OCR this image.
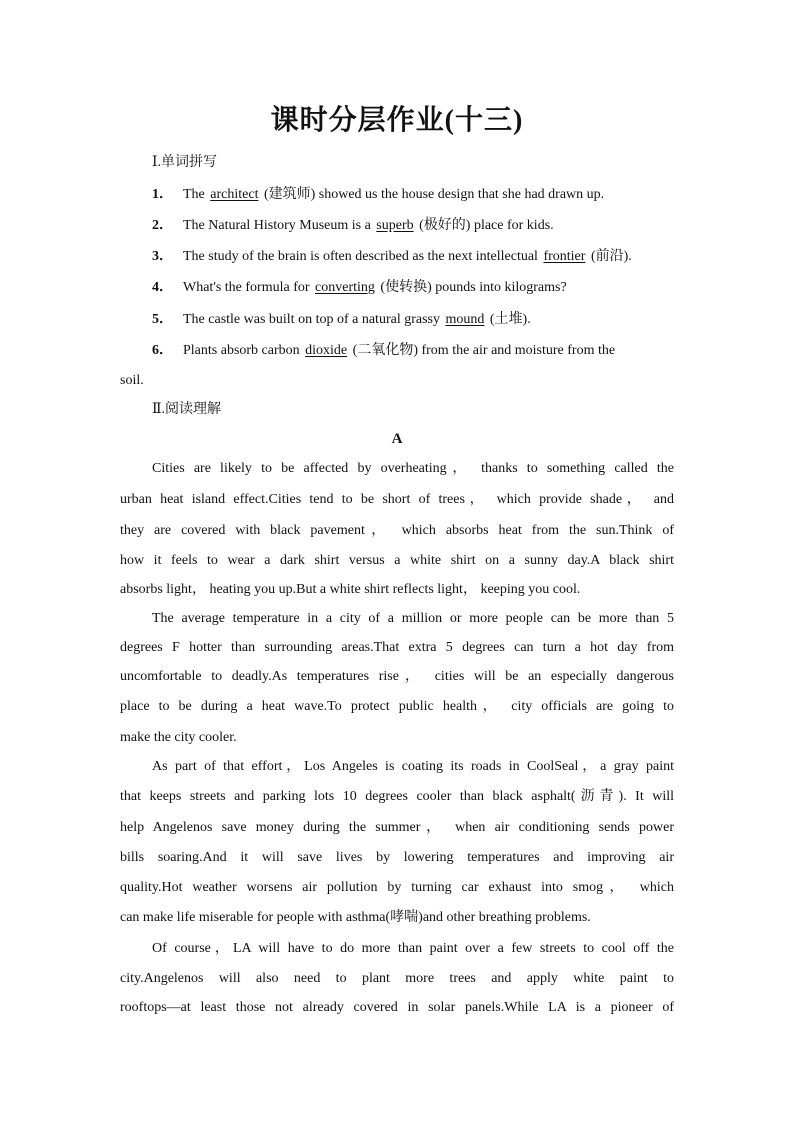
课时分层作业(十三)
Ⅰ.单词拼写
1． The architect (建筑师) showed us the house design that she had drawn up.
2． The Natural History Museum is a superb (极好的) place for kids.
3． The study of the brain is often described as the next intellectual frontier (前沿).
4． What's the formula for converting (使转换) pounds into kilograms?
5． The castle was built on top of a natural grassy mound (土堆).
6． Plants absorb carbon dioxide (二氧化物) from the air and moisture from the
soil.
Ⅱ.阅读理解
A
Cities are likely to be affected by overheating， thanks to something called the
urban heat island effect.Cities tend to be short of trees， which provide shade， and
they are covered with black pavement， which absorbs heat from the sun.Think of
how it feels to wear a dark shirt versus a white shirt on a sunny day.A black shirt
absorbs light， heating you up.But a white shirt reflects light， keeping you cool.
The average temperature in a city of a million or more people can be more than 5
degrees F hotter than surrounding areas.That extra 5 degrees can turn a hot day from
uncomfortable to deadly.As temperatures rise， cities will be an especially dangerous
place to be during a heat wave.To protect public health， city officials are going to
make the city cooler.
As part of that effort，Los Angeles is coating its roads in CoolSeal，a gray paint
that keeps streets and parking lots 10 degrees cooler than black asphalt(沥青). It will
help Angelenos save money during the summer， when air conditioning sends power
bills soaring.And it will save lives by lowering temperatures and improving air
quality.Hot weather worsens air pollution by turning car exhaust into smog， which
can make life miserable for people with asthma(哮喘)and other breathing problems.
Of course，LA will have to do more than paint over a few streets to cool off the
city.Angelenos will also need to plant more trees and apply white paint to
rooftops—at least those not already covered in solar panels.While LA is a pioneer of
